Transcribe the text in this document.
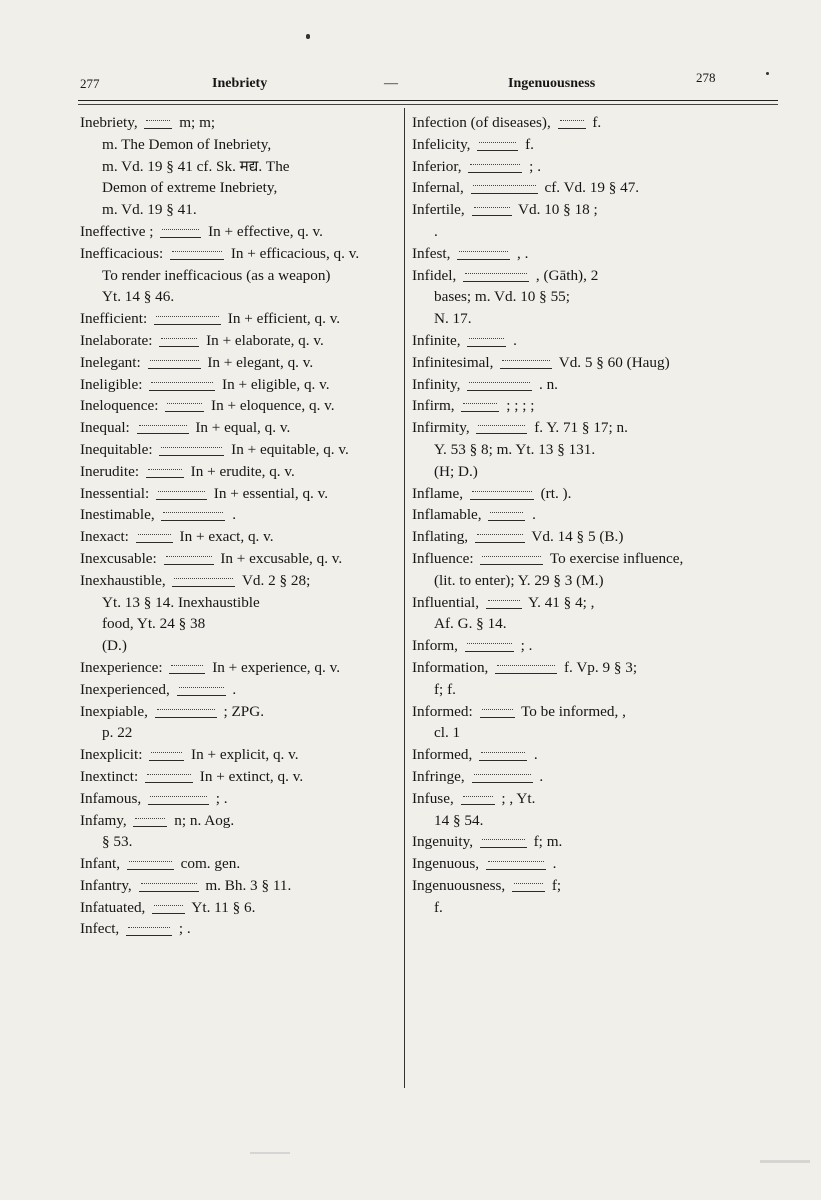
277	Inebriety	—	Ingenuousness	278
Inebriety,	m; m;
m. The Demon of Inebriety,
m. Vd. 19 § 41 cf. Sk. मद्य. The
Demon of extreme Inebriety,
m. Vd. 19 § 41.
Ineffective ;	In + effective, q. v.
Inefficacious:	In + efficacious, q. v.
To render inefficacious (as a weapon)
Yt. 14 § 46.
Inefficient:	In + efficient, q. v.
Inelaborate:	In + elaborate, q. v.
Inelegant:	In + elegant, q. v.
Ineligible:	In + eligible, q. v.
Ineloquence:	In + eloquence, q. v.
Inequal:	In + equal, q. v.
Inequitable:	In + equitable, q. v.
Inerudite:	In + erudite, q. v.
Inessential:	In + essential, q. v.
Inestimable,	.
Inexact:	In + exact, q. v.
Inexcusable:	In + excusable, q. v.
Inexhaustible,	Vd. 2 § 28;
Yt. 13 § 14. Inexhaustible
food, Yt. 24 § 38
(D.)
Inexperience:	In + experience, q. v.
Inexperienced,	.
Inexpiable,	; ZPG.
p. 22
Inexplicit:	In + explicit, q. v.
Inextinct:	In + extinct, q. v.
Infamous,	; .
Infamy,	n; n. Aog.
§ 53.
Infant,	com. gen.
Infantry,	m. Bh. 3 § 11.
Infatuated,	Yt. 11 § 6.
Infect,	; .
Infection (of diseases),	f.
Infelicity,	f.
Inferior,	; .
Infernal,	cf. Vd. 19 § 47.
Infertile,	Vd. 10 § 18 ;
.
Infest,	, .
Infidel,	, (Gāth), 2
bases; m. Vd. 10 § 55;
N. 17.
Infinite,	.
Infinitesimal,	Vd. 5 § 60 (Haug)
Infinity,	. n.
Infirm,	; ; ; ;
Infirmity,	f. Y. 71 § 17; n.
Y. 53 § 8; m. Yt. 13 § 131.
(H; D.)
Inflame,	(rt. ).
Inflamable,	.
Inflating,	Vd. 14 § 5 (B.)
Influence:	To exercise influence,
(lit. to enter); Y. 29 § 3 (M.)
Influential,	Y. 41 § 4; ,
Af. G. § 14.
Inform,	; .
Information,	f. Vp. 9 § 3;
f; f.
Informed:	To be informed, ,
cl. 1
Informed,	.
Infringe,	.
Infuse,	; , Yt.
14 § 54.
Ingenuity,	f; m.
Ingenuous,	.
Ingenuousness,	f;
f.
